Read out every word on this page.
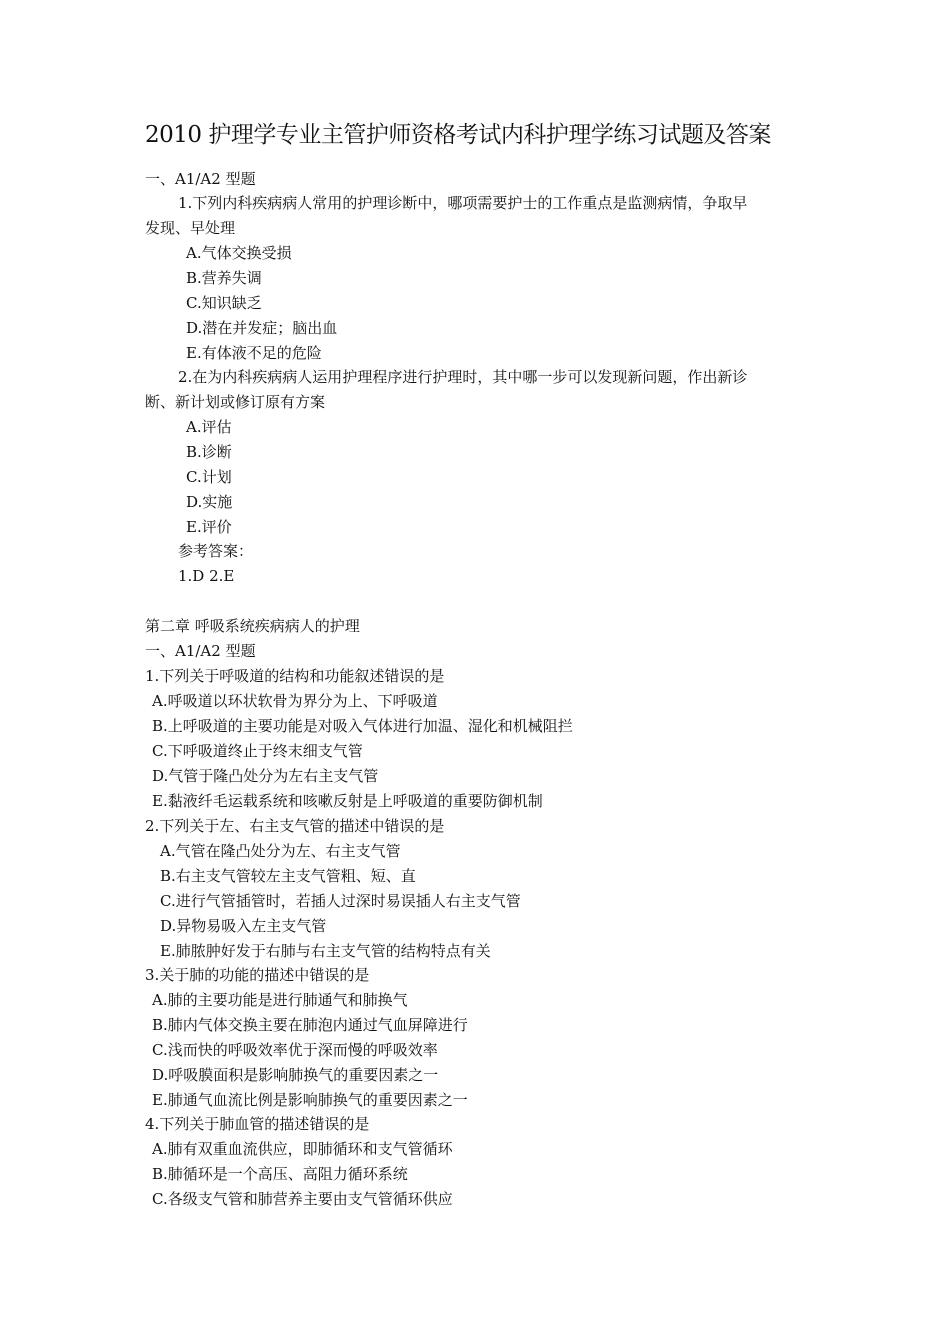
2010 护理学专业主管护师资格考试内科护理学练习试题及答案
一、A1/A2 型题
1.下列内科疾病病人常用的护理诊断中，哪项需要护士的工作重点是监测病情，争取早
发现、早处理
A.气体交换受损
B.营养失调
C.知识缺乏
D.潜在并发症；脑出血
E.有体液不足的危险
2.在为内科疾病病人运用护理程序进行护理时，其中哪一步可以发现新问题，作出新诊
断、新计划或修订原有方案
A.评估
B.诊断
C.计划
D.实施
E.评价
参考答案：
1.D 2.E
第二章 呼吸系统疾病病人的护理
一、A1/A2 型题
1.下列关于呼吸道的结构和功能叙述错误的是
A.呼吸道以环状软骨为界分为上、下呼吸道
B.上呼吸道的主要功能是对吸入气体进行加温、湿化和机械阻拦
C.下呼吸道终止于终末细支气管
D.气管于隆凸处分为左右主支气管
E.黏液纤毛运载系统和咳嗽反射是上呼吸道的重要防御机制
2.下列关于左、右主支气管的描述中错误的是
A.气管在隆凸处分为左、右主支气管
B.右主支气管较左主支气管粗、短、直
C.进行气管插管时，若插人过深时易误插人右主支气管
D.异物易吸入左主支气管
E.肺脓肿好发于右肺与右主支气管的结构特点有关
3.关于肺的功能的描述中错误的是
A.肺的主要功能是进行肺通气和肺换气
B.肺内气体交换主要在肺泡内通过气血屏障进行
C.浅而快的呼吸效率优于深而慢的呼吸效率
D.呼吸膜面积是影响肺换气的重要因素之一
E.肺通气血流比例是影响肺换气的重要因素之一
4.下列关于肺血管的描述错误的是
A.肺有双重血流供应，即肺循环和支气管循环
B.肺循环是一个高压、高阻力循环系统
C.各级支气管和肺营养主要由支气管循环供应
